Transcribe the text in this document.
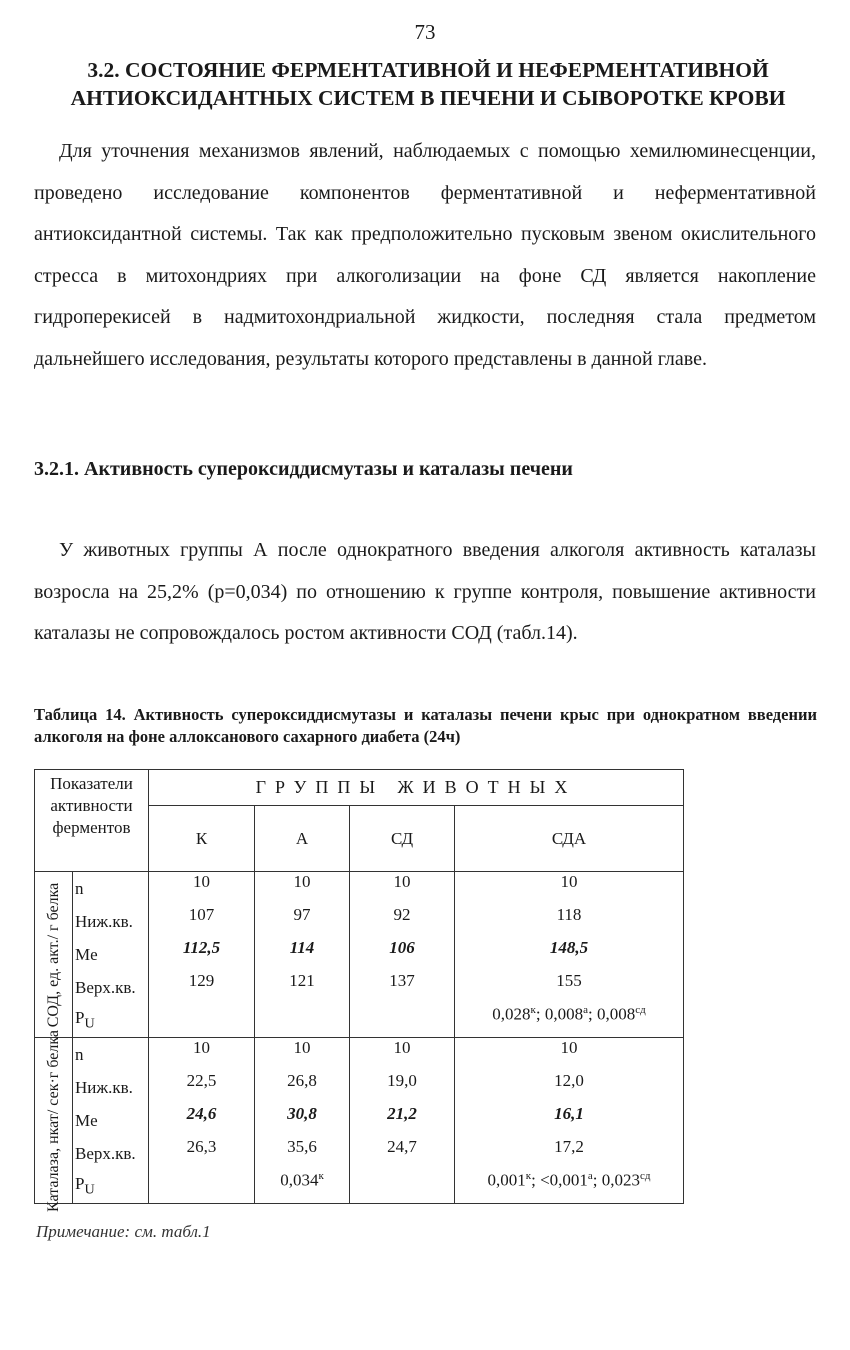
73
3.2. СОСТОЯНИЕ ФЕРМЕНТАТИВНОЙ И НЕФЕРМЕНТАТИВНОЙ
АНТИОКСИДАНТНЫХ СИСТЕМ В ПЕЧЕНИ И СЫВОРОТКЕ КРОВИ

Для уточнения механизмов явлений, наблюдаемых с помощью хемилюминесценции, проведено исследование компонентов ферментативной и неферментативной антиоксидантной системы. Так как предположительно пусковым звеном окислительного стресса в митохондриях при алкоголизации на фоне СД является накопление гидроперекисей в надмитохондриальной жидкости, последняя стала предметом дальнейшего исследования, результаты которого представлены в данной главе.

3.2.1. Активность супероксиддисмутазы и каталазы печени

У животных группы А после однократного введения алкоголя активность каталазы возросла на 25,2% (p=0,034) по отношению к группе контроля, повышение активности каталазы не сопровождалось ростом активности СОД (табл.14).

Таблица 14. Активность супероксиддисмутазы и каталазы печени крыс при однократном введении алкоголя на фоне аллоксанового сахарного диабета (24ч)

Показатели активности ферментов		ГРУППЫ ЖИВОТНЫХ			
		К	А	СД	СДА

СОД, ед. акт./ г белка	n	10	10	10	10
	Ниж.кв.	107	97	92	118
	Me	112,5	114	106	148,5
	Верх.кв.	129	121	137	155
	$P_U$				$0,028^к$; $0,008^а$; $0,008^{сд}$

Каталаза, нкат/ сек·г белка	n	10	10	10	10
	Ниж.кв.	22,5	26,8	19,0	12,0
	Me	24,6	30,8	21,2	16,1
	Верх.кв.	26,3	35,6	24,7	17,2
	$P_U$		$0,034^к$		$0,001^к$; $<0,001^а$; $0,023^{сд}$

Примечание: см. табл.1
